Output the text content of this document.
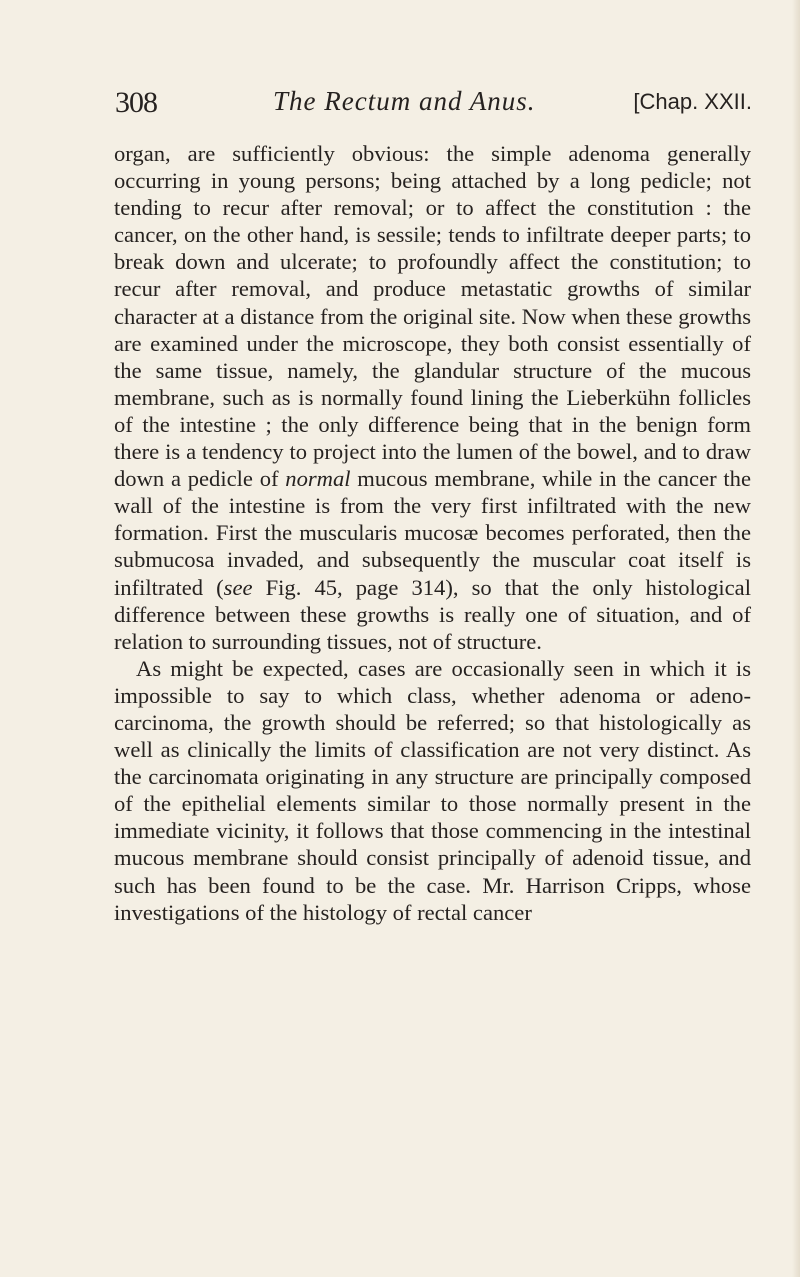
308	The Rectum and Anus.	[Chap. XXII.

organ, are sufficiently obvious: the simple adenoma generally occurring in young persons; being attached by a long pedicle; not tending to recur after removal; or to affect the constitution : the cancer, on the other hand, is sessile; tends to infiltrate deeper parts; to break down and ulcerate; to profoundly affect the constitution; to recur after removal, and produce metastatic growths of similar character at a distance from the original site. Now when these growths are examined under the microscope, they both consist essentially of the same tissue, namely, the glandular structure of the mucous membrane, such as is normally found lining the Lieberkühn follicles of the intestine ; the only difference being that in the benign form there is a tendency to project into the lumen of the bowel, and to draw down a pedicle of normal mucous membrane, while in the cancer the wall of the intestine is from the very first infiltrated with the new formation. First the muscularis mucosæ becomes perforated, then the submucosa invaded, and subsequently the muscular coat itself is infiltrated (see Fig. 45, page 314), so that the only histological difference between these growths is really one of situation, and of relation to surrounding tissues, not of structure.

As might be expected, cases are occasionally seen in which it is impossible to say to which class, whether adenoma or adeno-carcinoma, the growth should be referred; so that histologically as well as clinically the limits of classification are not very distinct. As the carcinomata originating in any structure are principally composed of the epithelial elements similar to those normally present in the immediate vicinity, it follows that those commencing in the intestinal mucous membrane should consist principally of adenoid tissue, and such has been found to be the case. Mr. Harrison Cripps, whose investigations of the histology of rectal cancer
